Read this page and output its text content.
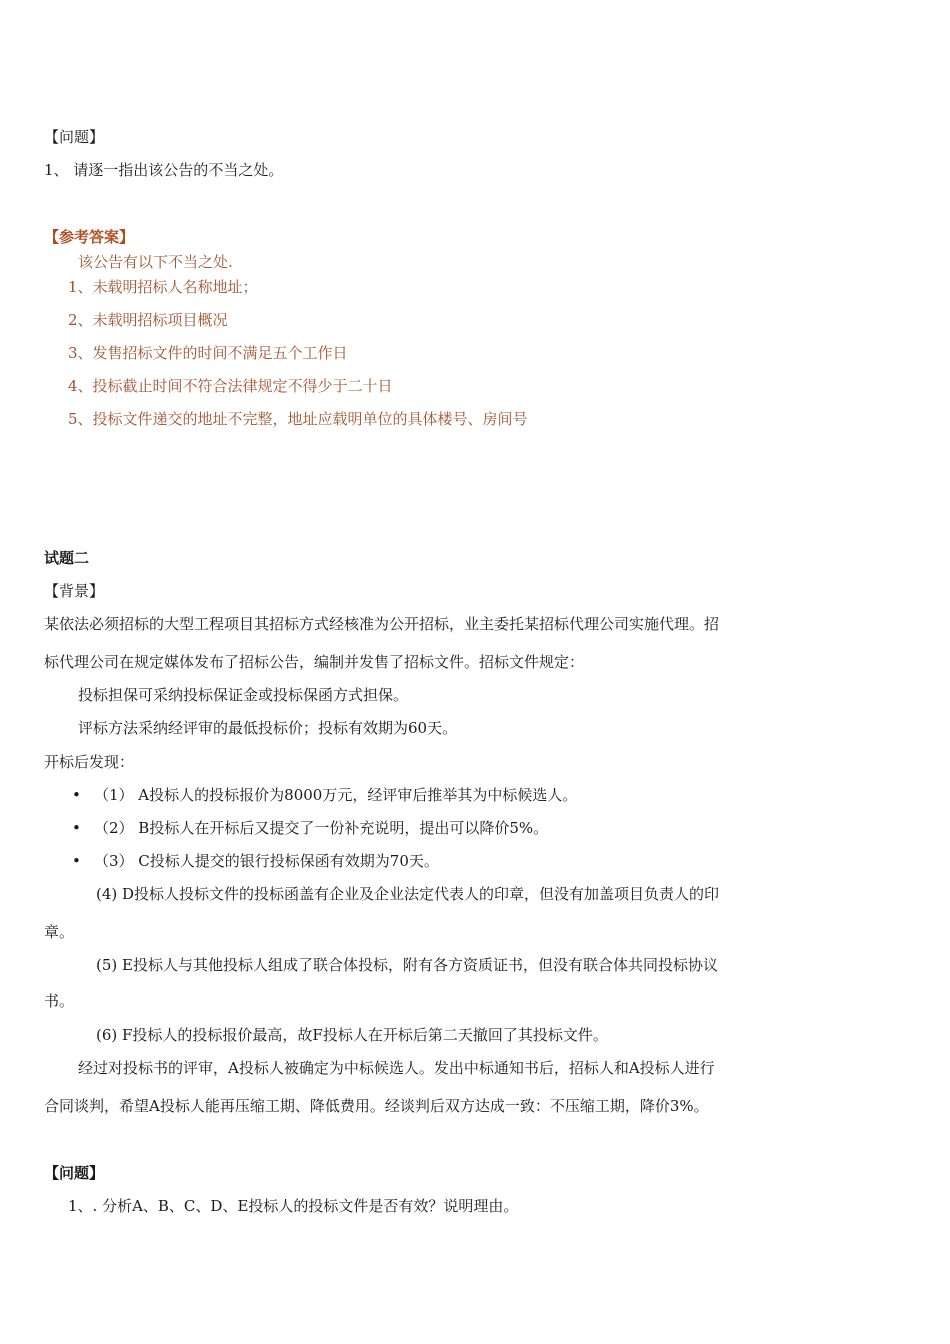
【问题】
1、 请逐一指出该公告的不当之处。
【参考答案】
该公告有以下不当之处.
1、未载明招标人名称地址；
2、未载明招标项目概况
3、发售招标文件的时间不满足五个工作日
4、投标截止时间不符合法律规定不得少于二十日
5、投标文件递交的地址不完整，地址应载明单位的具体楼号、房间号
试题二
【背景】
某依法必须招标的大型工程项目其招标方式经核准为公开招标，业主委托某招标代理公司实施代理。招
标代理公司在规定媒体发布了招标公告，编制并发售了招标文件。招标文件规定：
投标担保可采纳投标保证金或投标保函方式担保。
评标方法采纳经评审的最低投标价；投标有效期为60天。
开标后发现：
• （1） A投标人的投标报价为8000万元，经评审后推举其为中标候选人。
• （2） B投标人在开标后又提交了一份补充说明，提出可以降价5%。
• （3） C投标人提交的银行投标保函有效期为70天。
(4) D投标人投标文件的投标函盖有企业及企业法定代表人的印章，但没有加盖项目负责人的印
章。
(5) E投标人与其他投标人组成了联合体投标，附有各方资质证书，但没有联合体共同投标协议
书。
(6) F投标人的投标报价最高，故F投标人在开标后第二天撤回了其投标文件。
经过对投标书的评审，A投标人被确定为中标候选人。发出中标通知书后，招标人和A投标人进行
合同谈判，希望A投标人能再压缩工期、降低费用。经谈判后双方达成一致：不压缩工期，降价3%。
【问题】
1、. 分析A、B、C、D、E投标人的投标文件是否有效？说明理由。
